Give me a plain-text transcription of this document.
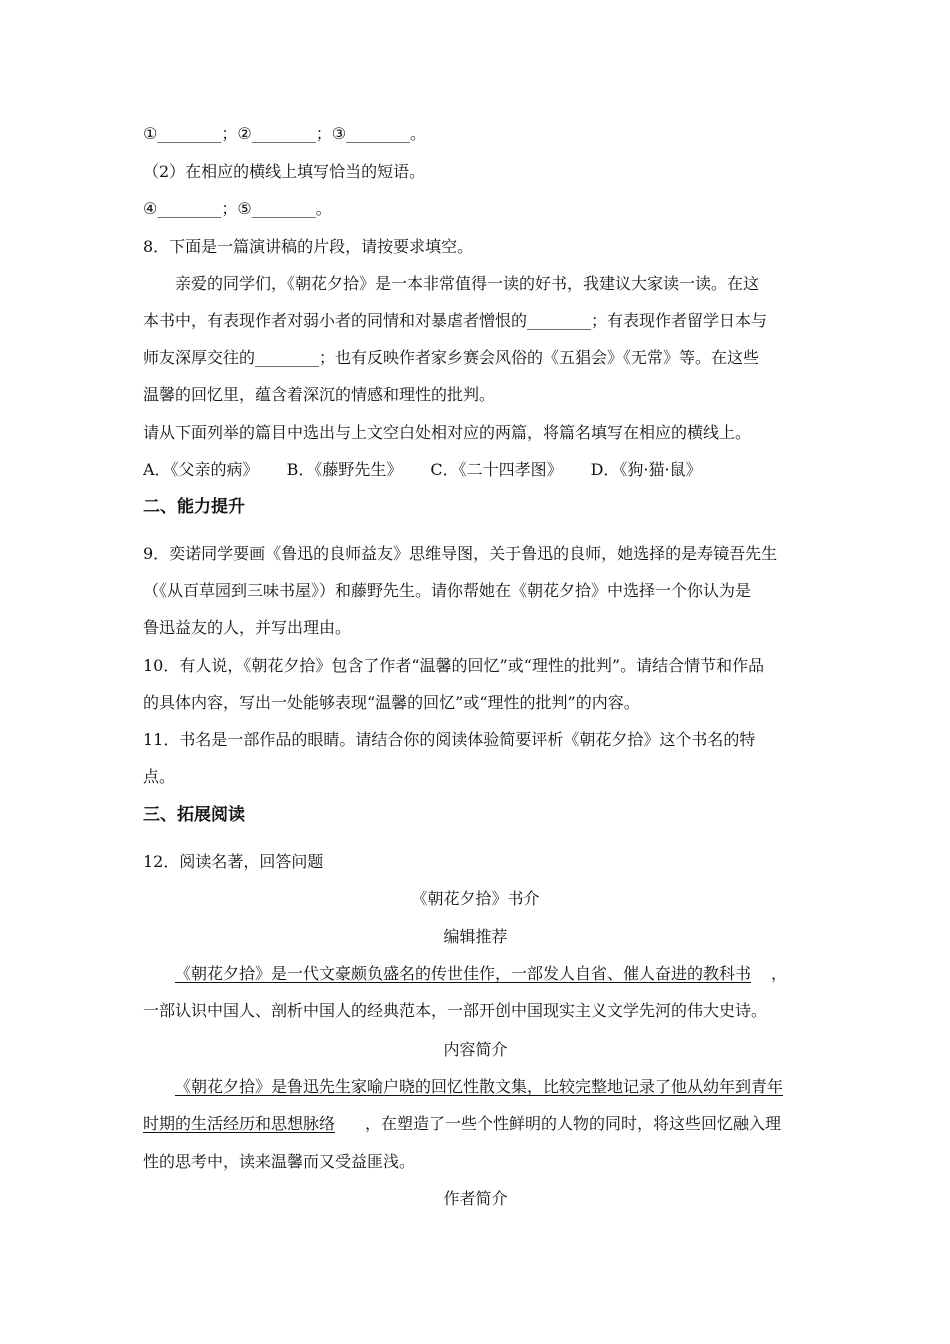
①________；②________；③________。
（2）在相应的横线上填写恰当的短语。
④________；⑤________。
8．下面是一篇演讲稿的片段，请按要求填空。
亲爱的同学们，《朝花夕拾》是一本非常值得一读的好书，我建议大家读一读。在这
本书中，有表现作者对弱小者的同情和对暴虐者憎恨的________；有表现作者留学日本与
师友深厚交往的________；也有反映作者家乡赛会风俗的《五猖会》《无常》等。在这些
温馨的回忆里，蕴含着深沉的情感和理性的批判。
请从下面列举的篇目中选出与上文空白处相对应的两篇，将篇名填写在相应的横线上。
A．《父亲的病》 B．《藤野先生》 C．《二十四孝图》 D．《狗·猫·鼠》
二、能力提升
9．奕诺同学要画《鲁迅的良师益友》思维导图，关于鲁迅的良师，她选择的是寿镜吾先生
（《从百草园到三味书屋》）和藤野先生。请你帮她在《朝花夕拾》中选择一个你认为是
鲁迅益友的人，并写出理由。
10．有人说，《朝花夕拾》包含了作者“温馨的回忆”或“理性的批判”。请结合情节和作品
的具体内容，写出一处能够表现“温馨的回忆”或“理性的批判”的内容。
11．书名是一部作品的眼睛。请结合你的阅读体验简要评析《朝花夕拾》这个书名的特
点。
三、拓展阅读
12．阅读名著，回答问题
《朝花夕拾》书介
编辑推荐
《朝花夕拾》是一代文豪颇负盛名的传世佳作，一部发人自省、催人奋进的教科书 ，
一部认识中国人、剖析中国人的经典范本，一部开创中国现实主义文学先河的伟大史诗。
内容简介
《朝花夕拾》是鲁迅先生家喻户晓的回忆性散文集，比较完整地记录了他从幼年到青年
时期的生活经历和思想脉络 ，在塑造了一些个性鲜明的人物的同时，将这些回忆融入理
性的思考中，读来温馨而又受益匪浅。
作者简介
